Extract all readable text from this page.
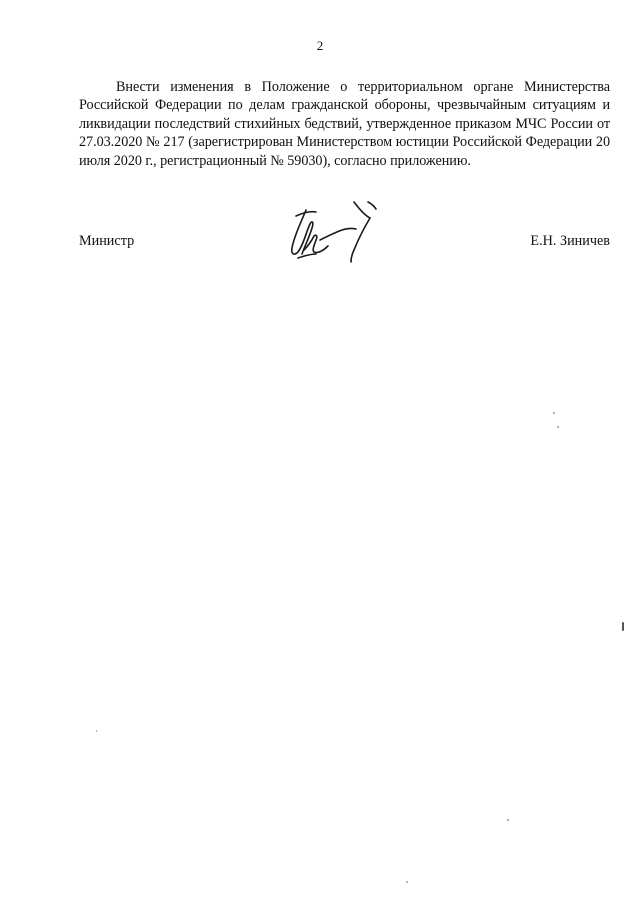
2

Внести изменения в Положение о территориальном органе Министерства Российской Федерации по делам гражданской обороны, чрезвычайным ситуациям и ликвидации последствий стихийных бедствий, утвержденное приказом МЧС России от 27.03.2020 № 217 (зарегистрирован Министерством юстиции Российской Федерации 20 июля 2020 г., регистрационный № 59030), согласно приложению.

Министр	Е.Н. Зиничев
